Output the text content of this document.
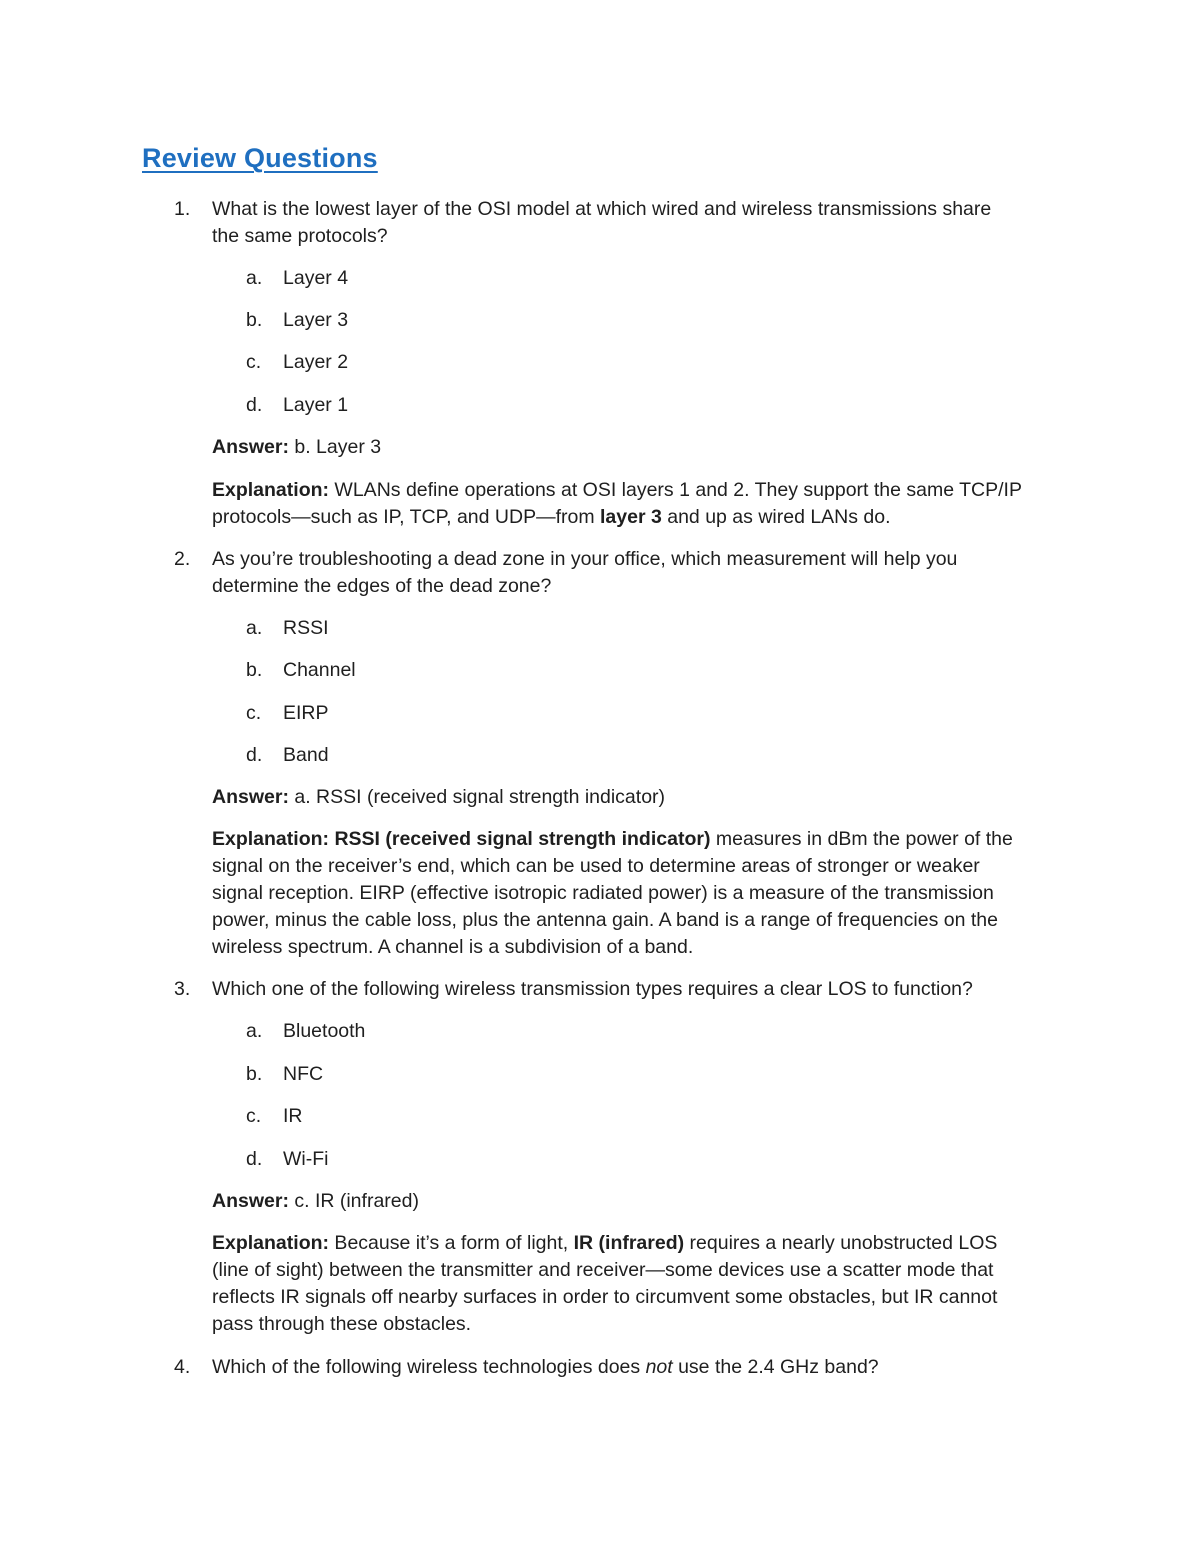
Review Questions
1. What is the lowest layer of the OSI model at which wired and wireless transmissions share
the same protocols?
a. Layer 4
b. Layer 3
c. Layer 2
d. Layer 1
Answer: b. Layer 3
Explanation: WLANs define operations at OSI layers 1 and 2. They support the same TCP/IP
protocols—such as IP, TCP, and UDP—from layer 3 and up as wired LANs do.
2. As you’re troubleshooting a dead zone in your office, which measurement will help you
determine the edges of the dead zone?
a. RSSI
b. Channel
c. EIRP
d. Band
Answer: a. RSSI (received signal strength indicator)
Explanation: RSSI (received signal strength indicator) measures in dBm the power of the
signal on the receiver’s end, which can be used to determine areas of stronger or weaker
signal reception. EIRP (effective isotropic radiated power) is a measure of the transmission
power, minus the cable loss, plus the antenna gain. A band is a range of frequencies on the
wireless spectrum. A channel is a subdivision of a band.
3. Which one of the following wireless transmission types requires a clear LOS to function?
a. Bluetooth
b. NFC
c. IR
d. Wi-Fi
Answer: c. IR (infrared)
Explanation: Because it’s a form of light, IR (infrared) requires a nearly unobstructed LOS
(line of sight) between the transmitter and receiver—some devices use a scatter mode that
reflects IR signals off nearby surfaces in order to circumvent some obstacles, but IR cannot
pass through these obstacles.
4. Which of the following wireless technologies does not use the 2.4 GHz band?
